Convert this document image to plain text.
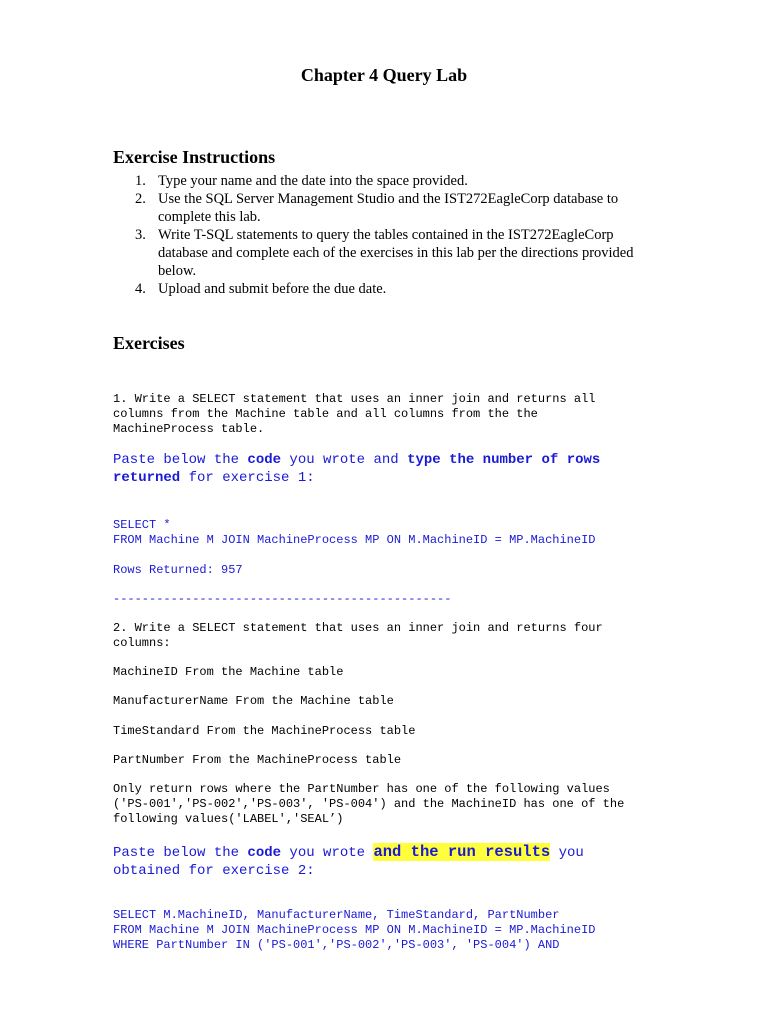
Chapter 4 Query Lab
Exercise Instructions
1. Type your name and the date into the space provided.
2. Use the SQL Server Management Studio and the IST272EagleCorp database to
complete this lab.
3. Write T-SQL statements to query the tables contained in the IST272EagleCorp
database and complete each of the exercises in this lab per the directions provided
below.
4. Upload and submit before the due date.
Exercises
1. Write a SELECT statement that uses an inner join and returns all
columns from the Machine table and all columns from the the
MachineProcess table.
Paste below the code you wrote and type the number of rows
returned for exercise 1:
SELECT *
FROM Machine M JOIN MachineProcess MP ON M.MachineID = MP.MachineID
Rows Returned: 957
-----------------------------------------------
2. Write a SELECT statement that uses an inner join and returns four
columns:
MachineID From the Machine table
ManufacturerName From the Machine table
TimeStandard From the MachineProcess table
PartNumber From the MachineProcess table
Only return rows where the PartNumber has one of the following values
('PS-001','PS-002','PS-003', 'PS-004') and the MachineID has one of the
following values('LABEL','SEAL’)
Paste below the code you wrote and the run results you
obtained for exercise 2:
SELECT M.MachineID, ManufacturerName, TimeStandard, PartNumber
FROM Machine M JOIN MachineProcess MP ON M.MachineID = MP.MachineID
WHERE PartNumber IN ('PS-001','PS-002','PS-003', 'PS-004') AND
